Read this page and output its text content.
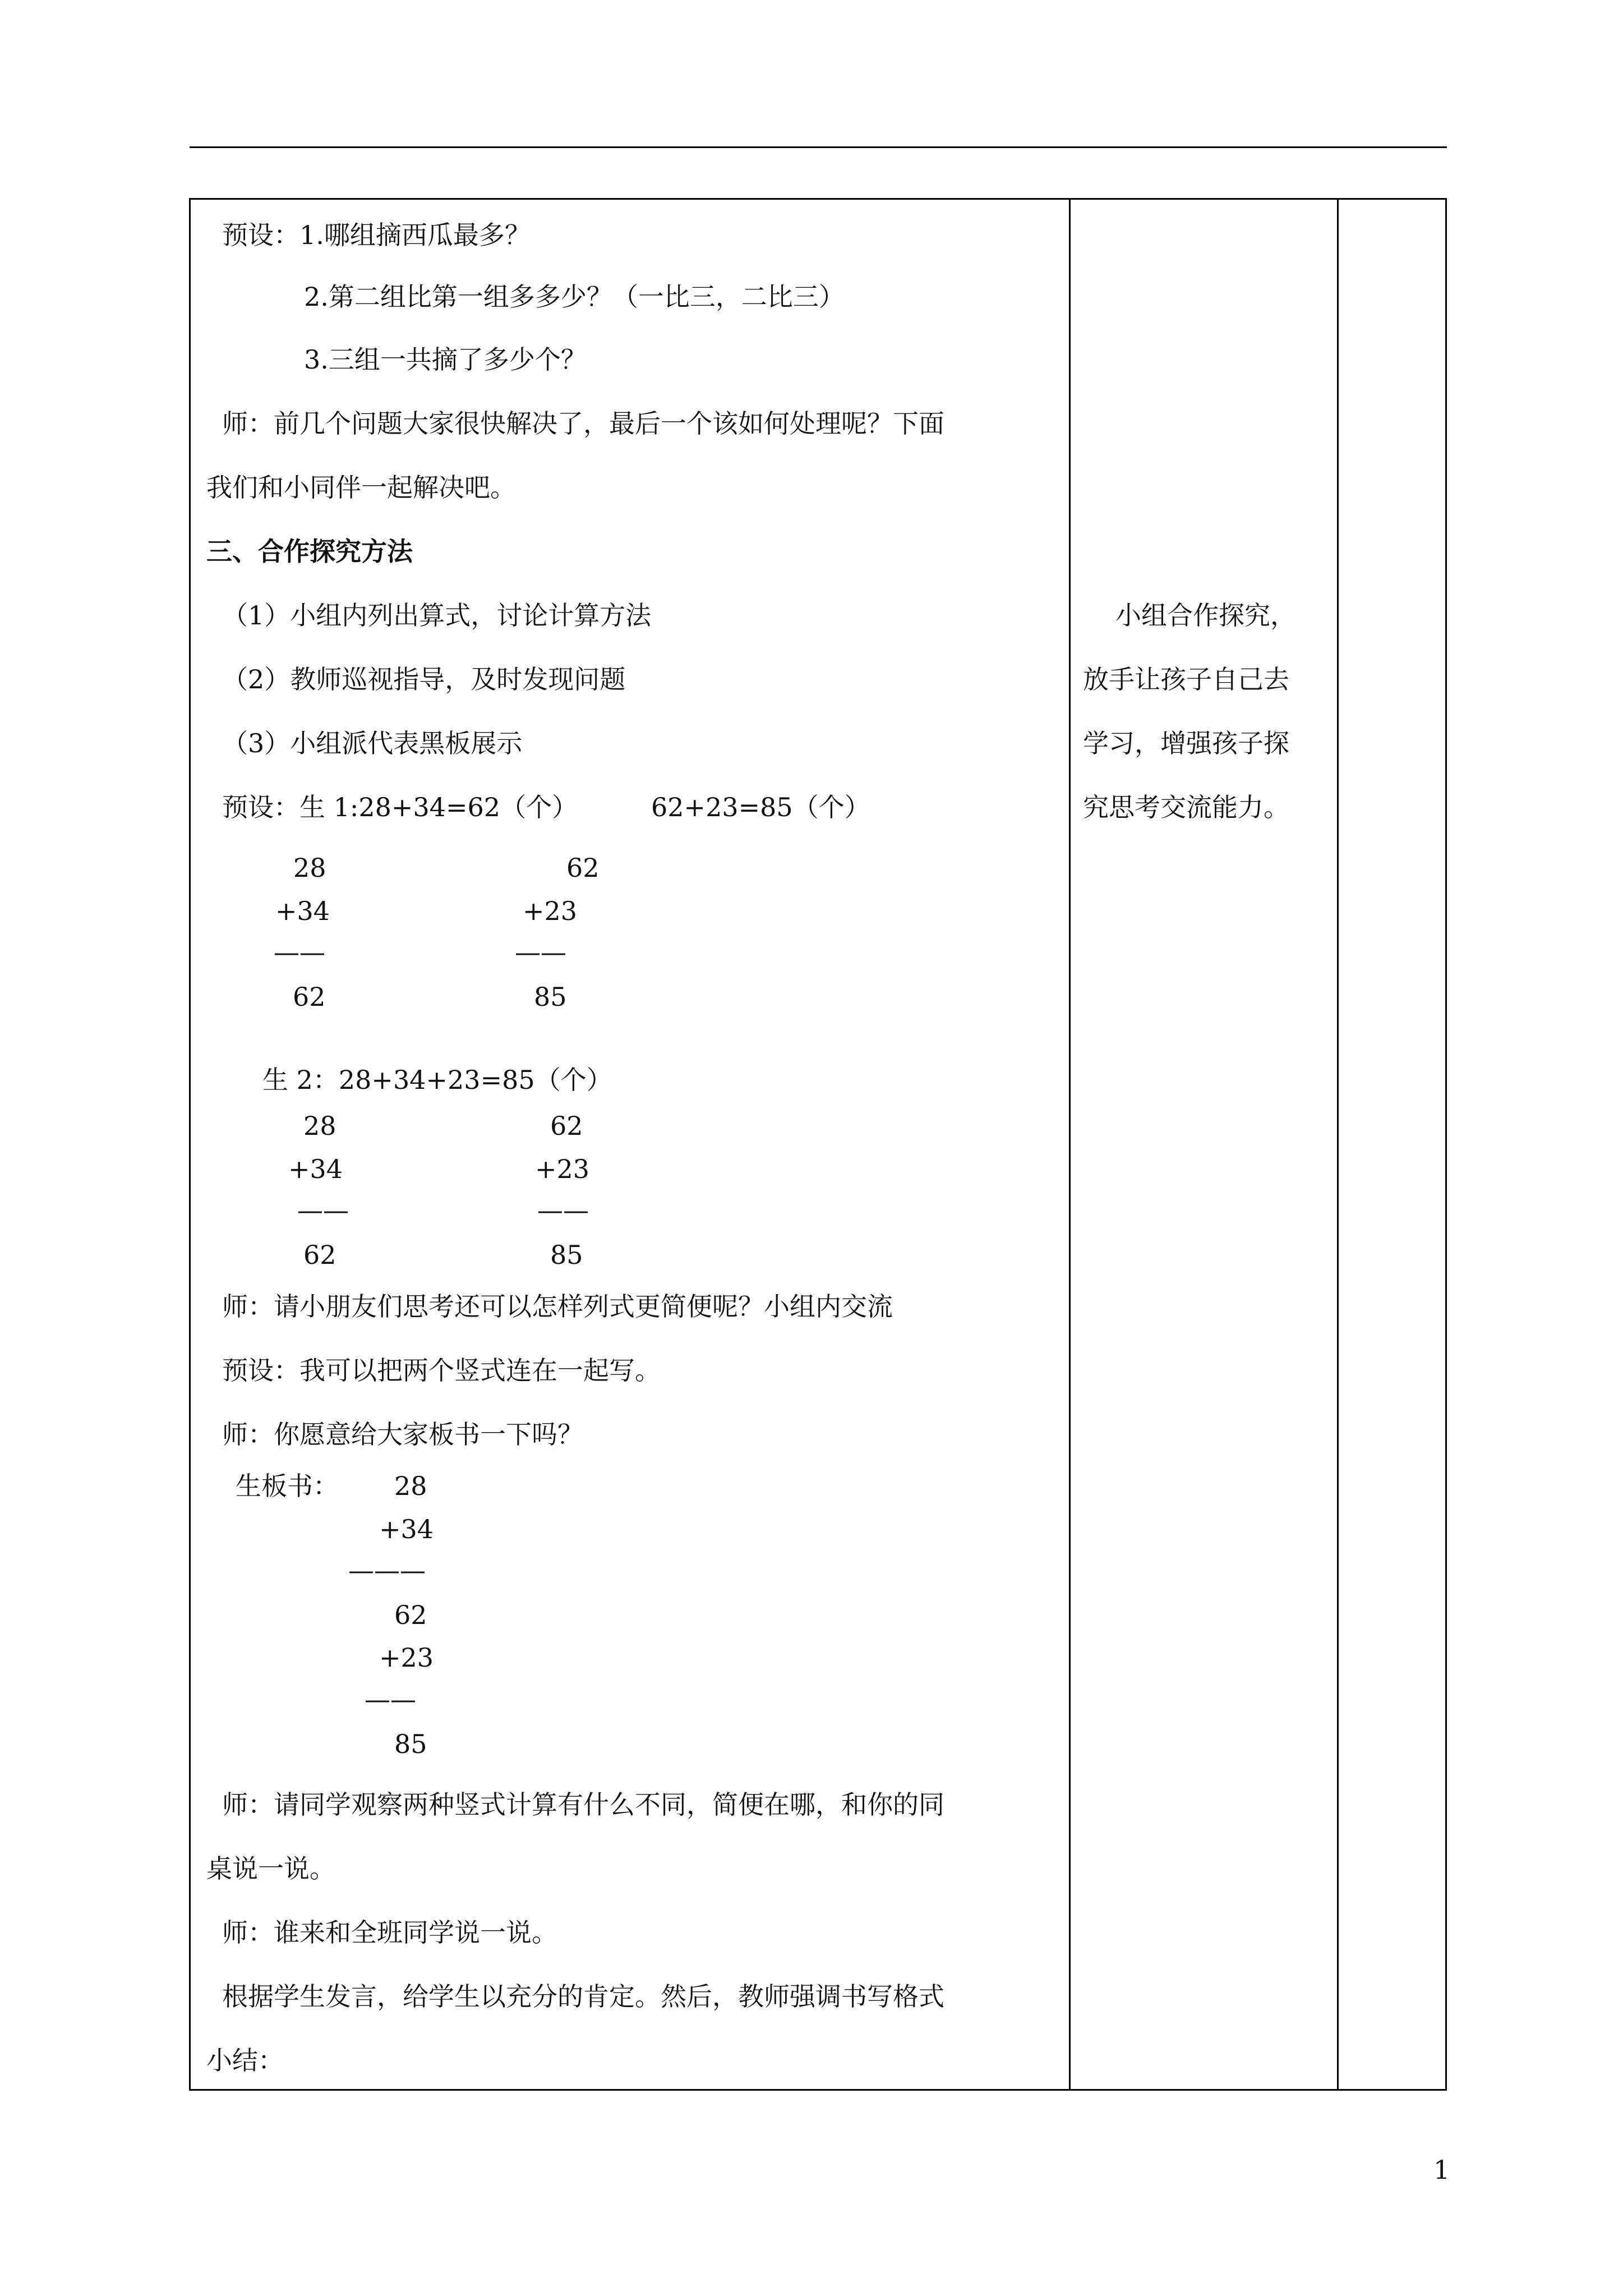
预设：1.哪组摘西瓜最多？
2.第二组比第一组多多少？（一比三，二比三）
3.三组一共摘了多少个？
师：前几个问题大家很快解决了，最后一个该如何处理呢？下面
我们和小同伴一起解决吧。
三、合作探究方法
（1）小组内列出算式，讨论计算方法
（2）教师巡视指导，及时发现问题
（3）小组派代表黑板展示
预设：生 1:28+34=62（个）	62+23=85（个）
28	62
+34	+23
——	——
62	85
生 2：28+34+23=85（个）
28	62
+34	+23
——	——
62	85
师：请小朋友们思考还可以怎样列式更简便呢？小组内交流
预设：我可以把两个竖式连在一起写。
师：你愿意给大家板书一下吗？
生板书： 28
+34
———
62
+23
——
85
师：请同学观察两种竖式计算有什么不同，简便在哪，和你的同
桌说一说。
师：谁来和全班同学说一说。
根据学生发言，给学生以充分的肯定。然后，教师强调书写格式
小结：
小组合作探究，
放手让孩子自己去
学习，增强孩子探
究思考交流能力。
1
